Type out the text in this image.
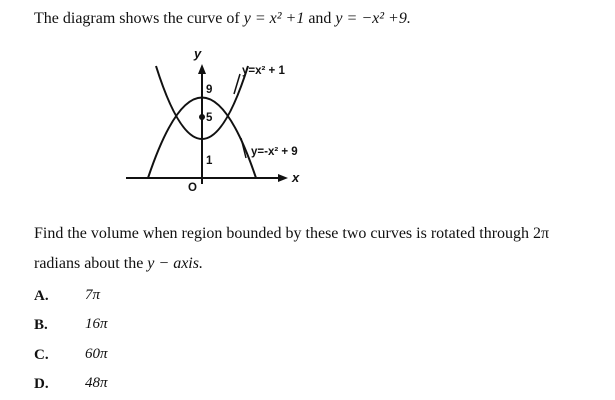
The diagram shows the curve of y = x² +1 and y = −x² +9.
y
x
O
9
5
1
y=x² + 1
y=-x² + 9
Find the volume when region bounded by these two curves is rotated through 2π
radians about the y − axis.
A. 7π
B. 16π
C. 60π
D. 48π
